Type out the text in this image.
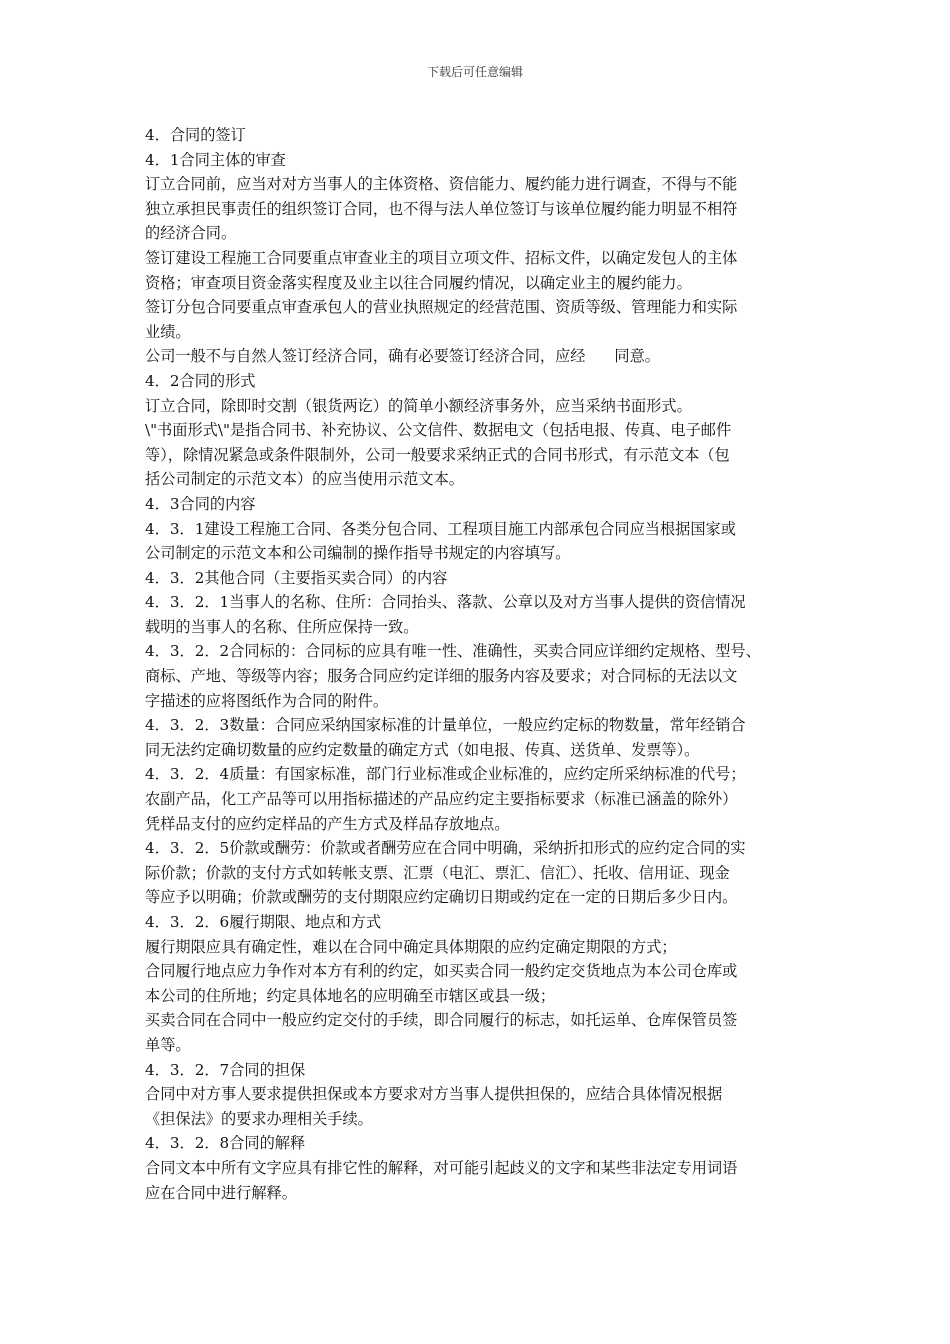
下载后可任意编辑
4．合同的签订
4．1合同主体的审查
订立合同前，应当对对方当事人的主体资格、资信能力、履约能力进行调查，不得与不能
独立承担民事责任的组织签订合同，也不得与法人单位签订与该单位履约能力明显不相符
的经济合同。
签订建设工程施工合同要重点审查业主的项目立项文件、招标文件，以确定发包人的主体
资格；审查项目资金落实程度及业主以往合同履约情况，以确定业主的履约能力。
签订分包合同要重点审查承包人的营业执照规定的经营范围、资质等级、管理能力和实际
业绩。
公司一般不与自然人签订经济合同，确有必要签订经济合同，应经      同意。
4．2合同的形式
订立合同，除即时交割（银货两讫）的简单小额经济事务外，应当采纳书面形式。
\"书面形式\"是指合同书、补充协议、公文信件、数据电文（包括电报、传真、电子邮件
等），除情况紧急或条件限制外，公司一般要求采纳正式的合同书形式，有示范文本（包
括公司制定的示范文本）的应当使用示范文本。
4．3合同的内容
4．3．1建设工程施工合同、各类分包合同、工程项目施工内部承包合同应当根据国家或
公司制定的示范文本和公司编制的操作指导书规定的内容填写。
4．3．2其他合同（主要指买卖合同）的内容
4．3．2．1当事人的名称、住所：合同抬头、落款、公章以及对方当事人提供的资信情况
载明的当事人的名称、住所应保持一致。
4．3．2．2合同标的：合同标的应具有唯一性、准确性，买卖合同应详细约定规格、型号、
商标、产地、等级等内容；服务合同应约定详细的服务内容及要求；对合同标的无法以文
字描述的应将图纸作为合同的附件。
4．3．2．3数量：合同应采纳国家标准的计量单位，一般应约定标的物数量，常年经销合
同无法约定确切数量的应约定数量的确定方式（如电报、传真、送货单、发票等）。
4．3．2．4质量：有国家标准，部门行业标准或企业标准的，应约定所采纳标准的代号；
农副产品，化工产品等可以用指标描述的产品应约定主要指标要求（标准已涵盖的除外）
凭样品支付的应约定样品的产生方式及样品存放地点。
4．3．2．5价款或酬劳：价款或者酬劳应在合同中明确，采纳折扣形式的应约定合同的实
际价款；价款的支付方式如转帐支票、汇票（电汇、票汇、信汇）、托收、信用证、现金
等应予以明确；价款或酬劳的支付期限应约定确切日期或约定在一定的日期后多少日内。
4．3．2．6履行期限、地点和方式
履行期限应具有确定性，难以在合同中确定具体期限的应约定确定期限的方式；
合同履行地点应力争作对本方有利的约定，如买卖合同一般约定交货地点为本公司仓库或
本公司的住所地；约定具体地名的应明确至市辖区或县一级；
买卖合同在合同中一般应约定交付的手续，即合同履行的标志，如托运单、仓库保管员签
单等。
4．3．2．7合同的担保
合同中对方事人要求提供担保或本方要求对方当事人提供担保的，应结合具体情况根据
《担保法》的要求办理相关手续。
4．3．2．8合同的解释
合同文本中所有文字应具有排它性的解释，对可能引起歧义的文字和某些非法定专用词语
应在合同中进行解释。
